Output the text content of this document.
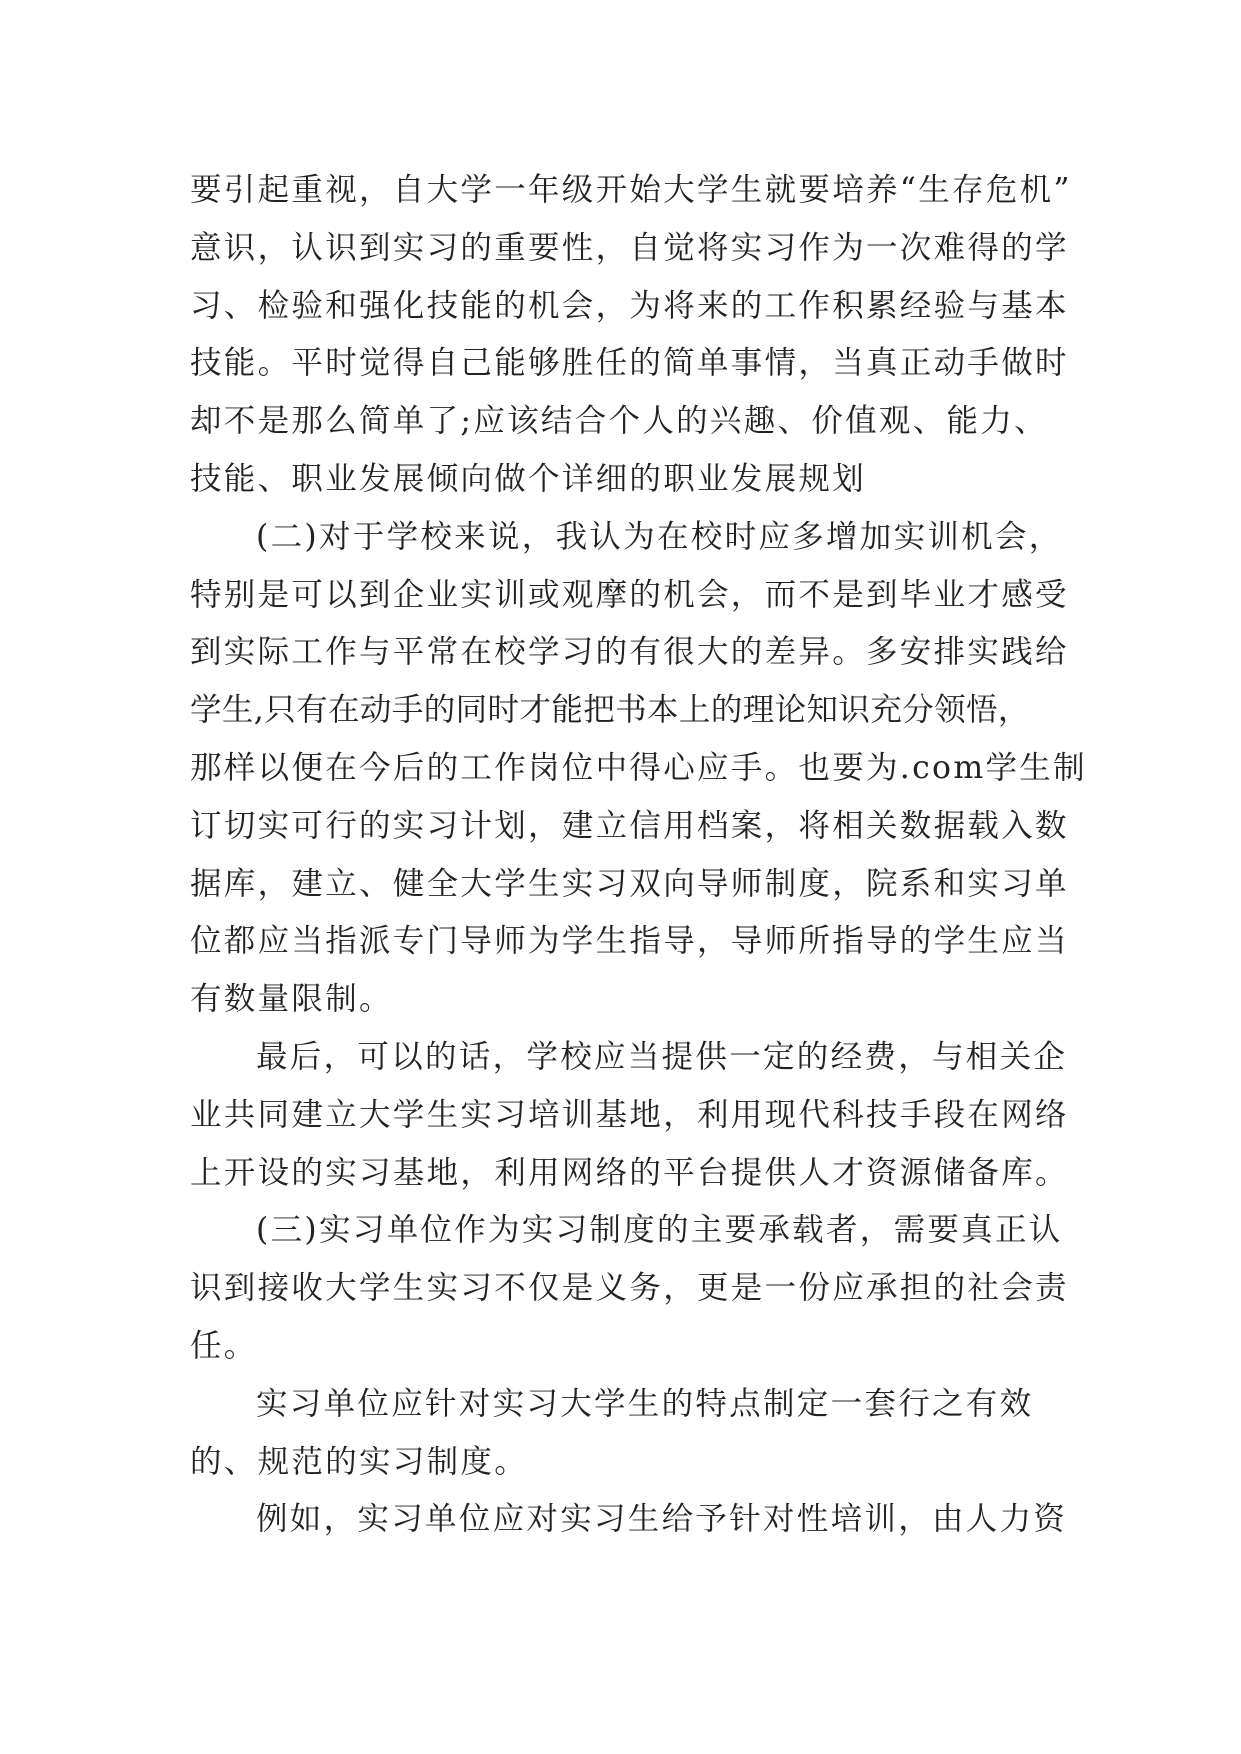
要引起重视，自大学一年级开始大学生就要培养“生存危机”
意识，认识到实习的重要性，自觉将实习作为一次难得的学
习、检验和强化技能的机会，为将来的工作积累经验与基本
技能。平时觉得自己能够胜任的简单事情，当真正动手做时
却不是那么简单了;应该结合个人的兴趣、价值观、能力、
技能、职业发展倾向做个详细的职业发展规划
(二)对于学校来说，我认为在校时应多增加实训机会，
特别是可以到企业实训或观摩的机会，而不是到毕业才感受
到实际工作与平常在校学习的有很大的差异。多安排实践给
学生,只有在动手的同时才能把书本上的理论知识充分领悟，
那样以便在今后的工作岗位中得心应手。也要为.com学生制
订切实可行的实习计划，建立信用档案，将相关数据载入数
据库，建立、健全大学生实习双向导师制度，院系和实习单
位都应当指派专门导师为学生指导，导师所指导的学生应当
有数量限制。
最后，可以的话，学校应当提供一定的经费，与相关企
业共同建立大学生实习培训基地，利用现代科技手段在网络
上开设的实习基地，利用网络的平台提供人才资源储备库。
(三)实习单位作为实习制度的主要承载者，需要真正认
识到接收大学生实习不仅是义务，更是一份应承担的社会责
任。
实习单位应针对实习大学生的特点制定一套行之有效
的、规范的实习制度。
例如，实习单位应对实习生给予针对性培训，由人力资
